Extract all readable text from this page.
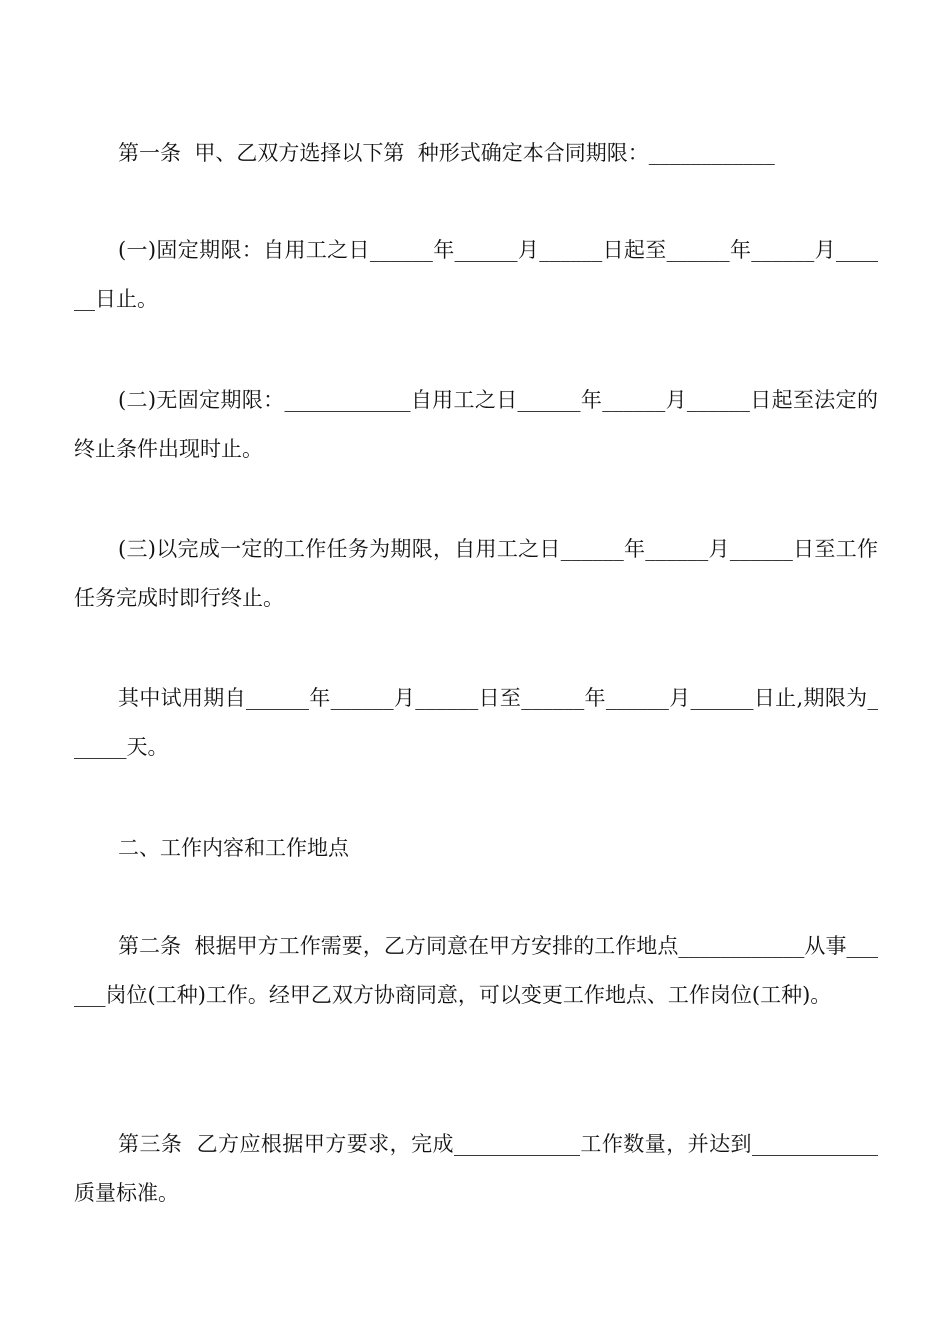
第一条  甲、乙双方选择以下第  种形式确定本合同期限：____________

(一)固定期限：自用工之日______年______月______日起至______年______月______日止。

(二)无固定期限：____________自用工之日______年______月______日起至法定的终止条件出现时止。

(三)以完成一定的工作任务为期限，自用工之日______年______月______日至工作任务完成时即行终止。

其中试用期自______年______月______日至______年______月______日止,期限为______天。

二、工作内容和工作地点

第二条  根据甲方工作需要，乙方同意在甲方安排的工作地点____________从事______岗位(工种)工作。经甲乙双方协商同意，可以变更工作地点、工作岗位(工种)。

第三条  乙方应根据甲方要求，完成____________工作数量，并达到____________质量标准。
